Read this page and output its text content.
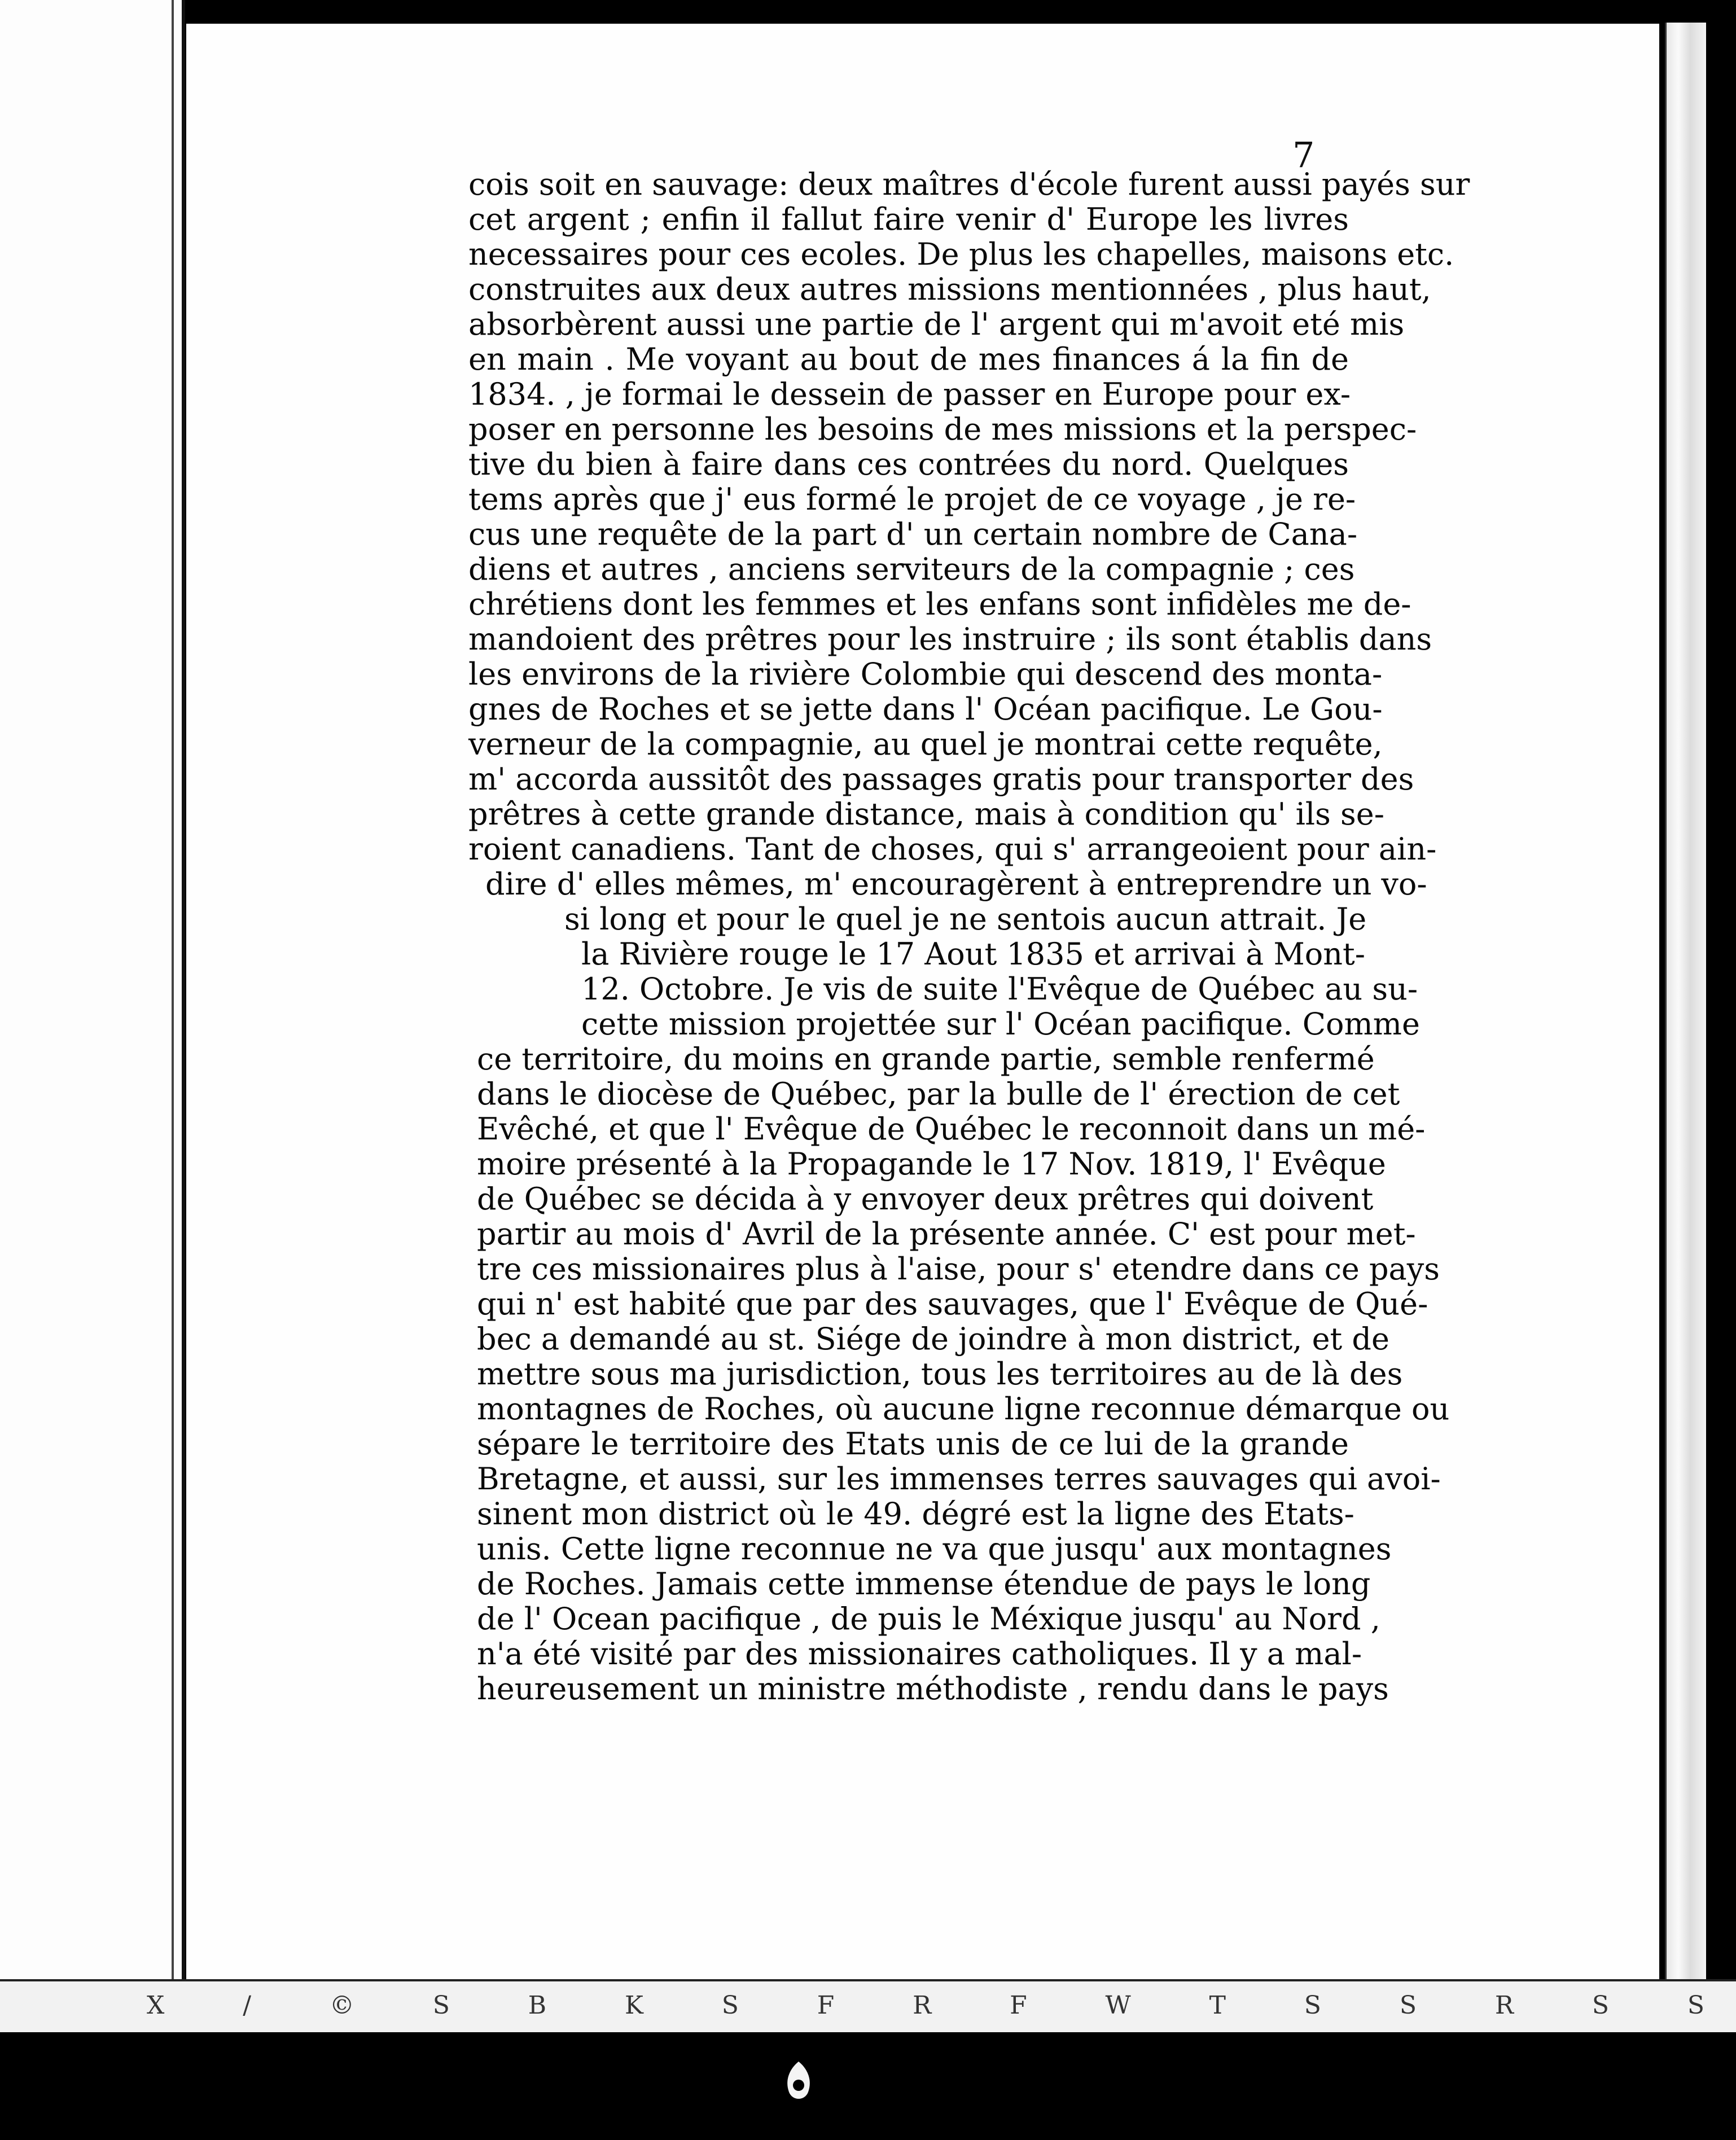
7
cois soit en sauvage: deux maîtres d'école furent aussi payés sur
cet argent ; enfin il fallut faire venir d' Europe les livres
necessaires pour ces ecoles. De plus les chapelles, maisons etc.
construites aux deux autres missions mentionnées , plus haut,
absorbèrent aussi une partie de l' argent qui m'avoit eté mis
en main . Me voyant au bout de mes finances á la fin de
1834. , je formai le dessein de passer en Europe pour ex-
poser en personne les besoins de mes missions et la perspec-
tive du bien à faire dans ces contrées du nord. Quelques
tems après que j' eus formé le projet de ce voyage , je re-
cus une requête de la part d' un certain nombre de Cana-
diens et autres , anciens serviteurs de la compagnie ; ces
chrétiens dont les femmes et les enfans sont infidèles me de-
mandoient des prêtres pour les instruire ; ils sont établis dans
les environs de la rivière Colombie qui descend des monta-
gnes de Roches et se jette dans l' Océan pacifique. Le Gou-
verneur de la compagnie, au quel je montrai cette requête,
m' accorda aussitôt des passages gratis pour transporter des
prêtres à cette grande distance, mais à condition qu' ils se-
roient canadiens. Tant de choses, qui s' arrangeoient pour ain-
dire d' elles mêmes, m' encouragèrent à entreprendre un vo-
si long et pour le quel je ne sentois aucun attrait. Je
la Rivière rouge le 17 Aout 1835 et arrivai à Mont-
12. Octobre. Je vis de suite l'Evêque de Québec au su-
cette mission projettée sur l' Océan pacifique. Comme
ce territoire, du moins en grande partie, semble renfermé
dans le diocèse de Québec, par la bulle de l' érection de cet
Evêché, et que l' Evêque de Québec le reconnoit dans un mé-
moire présenté à la Propagande le 17 Nov. 1819, l' Evêque
de Québec se décida à y envoyer deux prêtres qui doivent
partir au mois d' Avril de la présente année. C' est pour met-
tre ces missionaires plus à l'aise, pour s' etendre dans ce pays
qui n' est habité que par des sauvages, que l' Evêque de Qué-
bec a demandé au st. Siége de joindre à mon district, et de
mettre sous ma jurisdiction, tous les territoires au de là des
montagnes de Roches, où aucune ligne reconnue démarque ou
sépare le territoire des Etats unis de ce lui de la grande
Bretagne, et aussi, sur les immenses terres sauvages qui avoi-
sinent mon district où le 49. dégré est la ligne des Etats-
unis. Cette ligne reconnue ne va que jusqu' aux montagnes
de Roches. Jamais cette immense étendue de pays le long
de l' Ocean pacifique , de puis le Méxique jusqu' au Nord ,
n'a été visité par des missionaires catholiques. Il y a mal-
heureusement un ministre méthodiste , rendu dans le pays
X	/	©	S	B	K	S	F	R	F	W	T	S	S	R	S	S
